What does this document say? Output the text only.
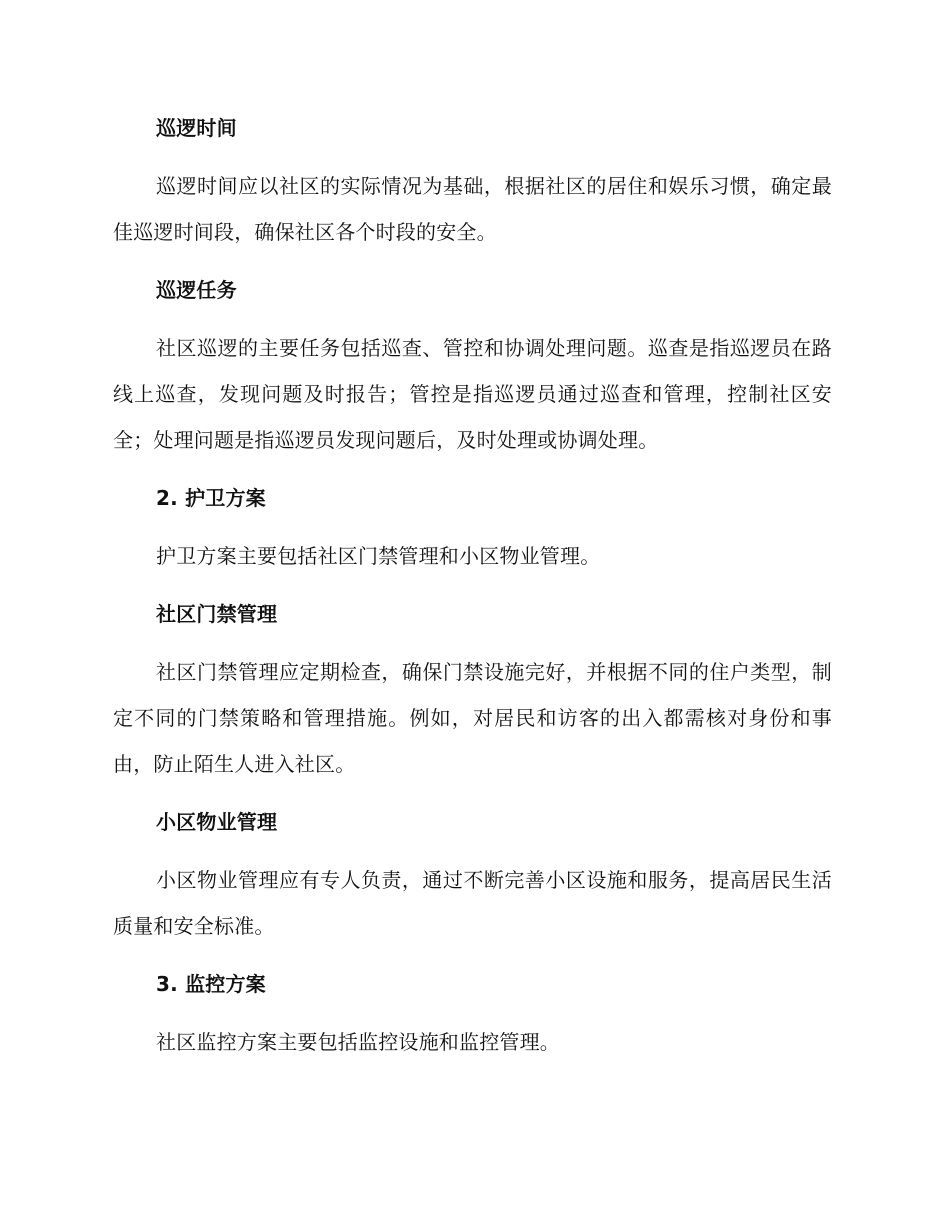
巡逻时间

巡逻时间应以社区的实际情况为基础，根据社区的居住和娱乐习惯，确定最佳巡逻时间段，确保社区各个时段的安全。

巡逻任务

社区巡逻的主要任务包括巡查、管控和协调处理问题。巡查是指巡逻员在路线上巡查，发现问题及时报告；管控是指巡逻员通过巡查和管理，控制社区安全；处理问题是指巡逻员发现问题后，及时处理或协调处理。

2. 护卫方案

护卫方案主要包括社区门禁管理和小区物业管理。

社区门禁管理

社区门禁管理应定期检查，确保门禁设施完好，并根据不同的住户类型，制定不同的门禁策略和管理措施。例如，对居民和访客的出入都需核对身份和事由，防止陌生人进入社区。

小区物业管理

小区物业管理应有专人负责，通过不断完善小区设施和服务，提高居民生活质量和安全标准。

3. 监控方案

社区监控方案主要包括监控设施和监控管理。
